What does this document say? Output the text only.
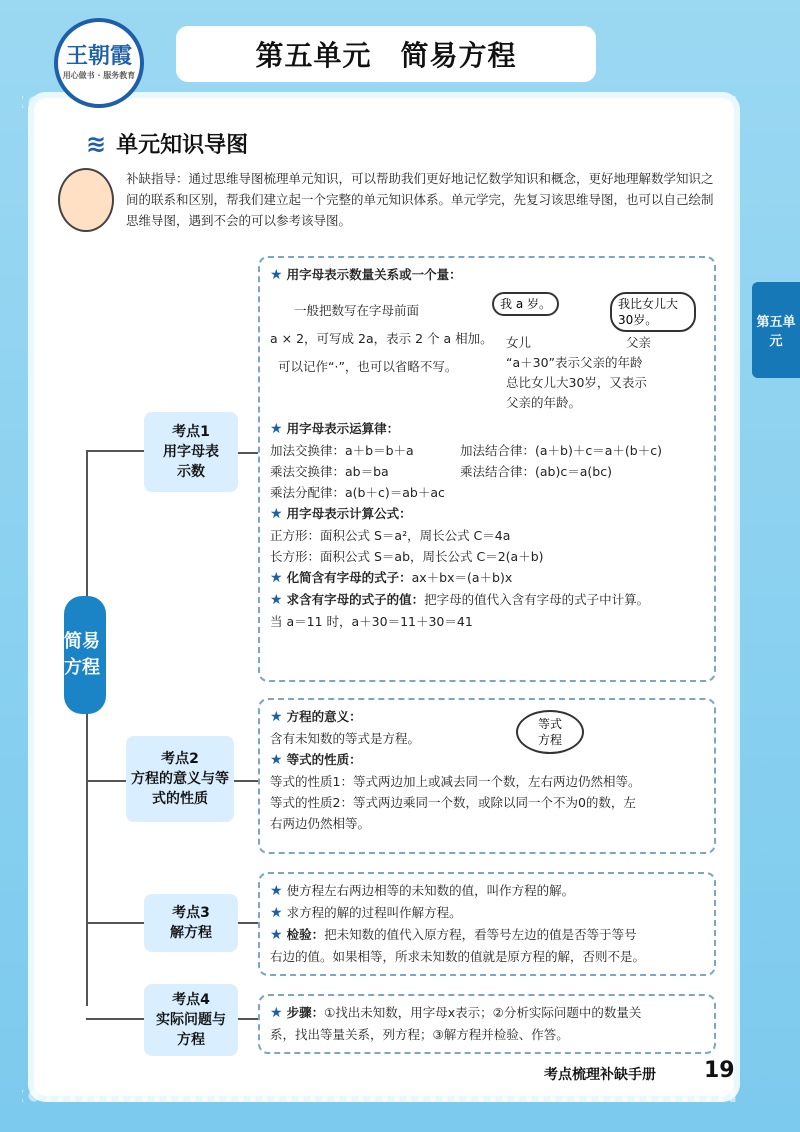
王朝霞
用心做书 · 服务教育
第五单元　简易方程
第五单元
≋ 单元知识导图
补缺指导：通过思维导图梳理单元知识，可以帮助我们更好地记忆数学知识和概念，更好地理解数学知识之间的联系和区别，帮我们建立起一个完整的单元知识体系。单元学完，先复习该思维导图，也可以自己绘制思维导图，遇到不会的可以参考该导图。
简易方程
考点1
用字母表示数
考点2
方程的意义与等式的性质
考点3
解方程
考点4
实际问题与方程

★ 用字母表示数量关系或一个量：

一般把数写在字母前面

a × 2，可写成 2a，表示 2 个 a 相加。

可以记作“·”，也可以省略不写。

我 a 岁。	我比女儿大30岁。

女儿	父亲

“a＋30”表示父亲的年龄

总比女儿大30岁，又表示

父亲的年龄。

★ 用字母表示运算律：

加法交换律：a＋b＝b＋a	加法结合律：(a＋b)＋c＝a＋(b＋c)

乘法交换律：ab＝ba	乘法结合律：(ab)c＝a(bc)

乘法分配律：a(b＋c)＝ab＋ac

★ 用字母表示计算公式：

正方形：面积公式 S＝a²，周长公式 C＝4a

长方形：面积公式 S＝ab，周长公式 C＝2(a＋b)

★ 化简含有字母的式子：ax＋bx＝(a＋b)x

★ 求含有字母的式子的值：把字母的值代入含有字母的式子中计算。

当 a＝11 时，a＋30＝11＋30＝41

★ 方程的意义：

含有未知数的等式是方程。

等式
方程

★ 等式的性质：

等式的性质1：等式两边加上或减去同一个数，左右两边仍然相等。

等式的性质2：等式两边乘同一个数，或除以同一个不为0的数，左

右两边仍然相等。

★ 使方程左右两边相等的未知数的值，叫作方程的解。

★ 求方程的解的过程叫作解方程。

★ 检验：把未知数的值代入原方程，看等号左边的值是否等于等号

右边的值。如果相等，所求未知数的值就是原方程的解，否则不是。

★ 步骤：①找出未知数，用字母x表示；②分析实际问题中的数量关

系，找出等量关系，列方程；③解方程并检验、作答。

考点梳理补缺手册 19
